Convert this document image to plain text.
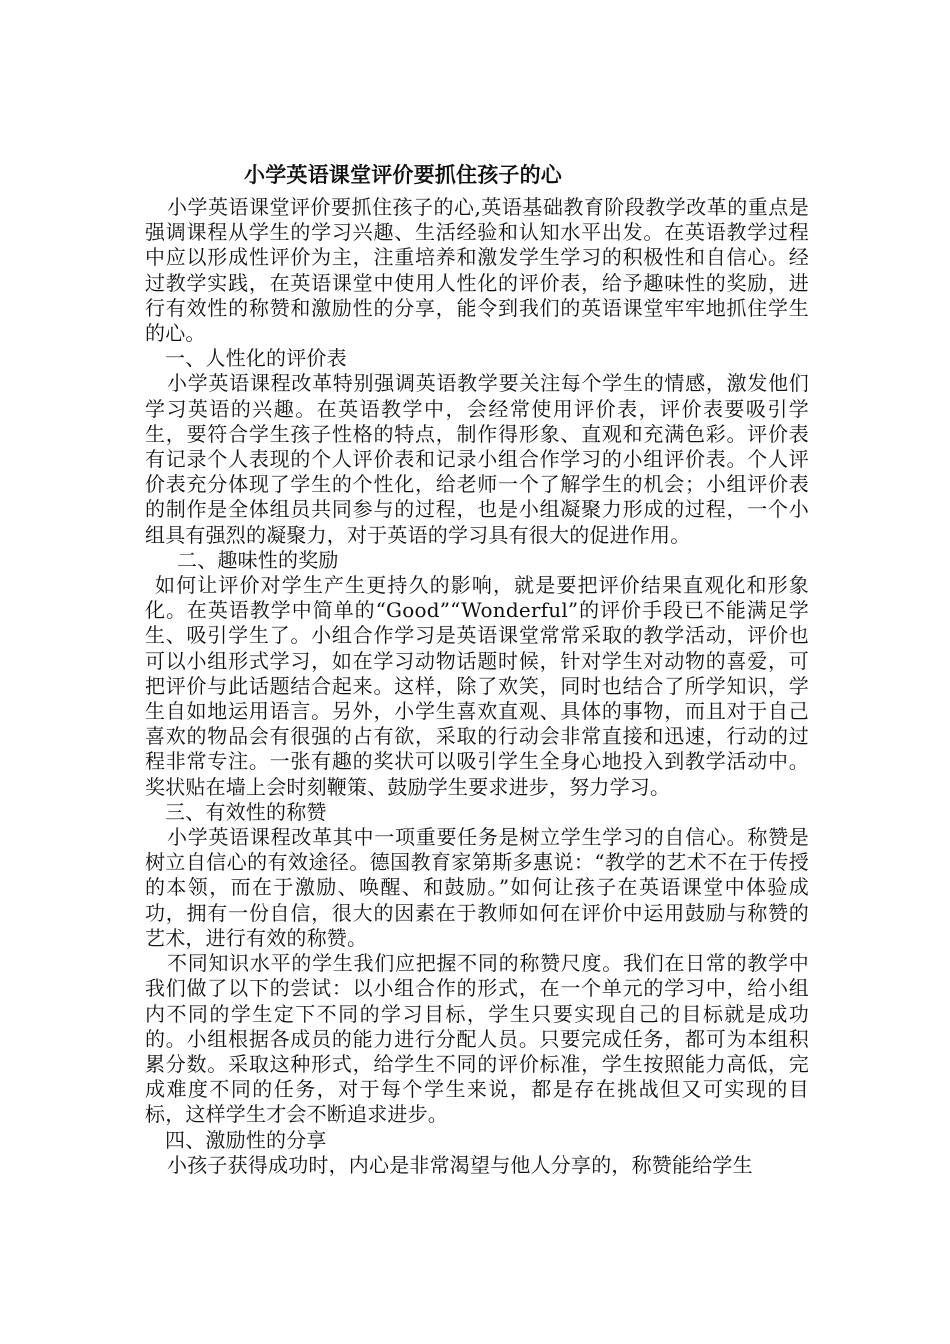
小学英语课堂评价要抓住孩子的心

小学英语课堂评价要抓住孩子的心,英语基础教育阶段教学改革的重点是强调课程从学生的学习兴趣、生活经验和认知水平出发。在英语教学过程中应以形成性评价为主，注重培养和激发学生学习的积极性和自信心。经过教学实践，在英语课堂中使用人性化的评价表，给予趣味性的奖励，进行有效性的称赞和激励性的分享，能令到我们的英语课堂牢牢地抓住学生的心。

一、人性化的评价表

小学英语课程改革特别强调英语教学要关注每个学生的情感，激发他们学习英语的兴趣。在英语教学中，会经常使用评价表，评价表要吸引学生，要符合学生孩子性格的特点，制作得形象、直观和充满色彩。评价表有记录个人表现的个人评价表和记录小组合作学习的小组评价表。个人评价表充分体现了学生的个性化，给老师一个了解学生的机会；小组评价表的制作是全体组员共同参与的过程，也是小组凝聚力形成的过程，一个小组具有强烈的凝聚力，对于英语的学习具有很大的促进作用。

二、趣味性的奖励

如何让评价对学生产生更持久的影响，就是要把评价结果直观化和形象化。在英语教学中简单的“Good”“Wonderful”的评价手段已不能满足学生、吸引学生了。小组合作学习是英语课堂常常采取的教学活动，评价也可以小组形式学习，如在学习动物话题时候，针对学生对动物的喜爱，可把评价与此话题结合起来。这样，除了欢笑，同时也结合了所学知识，学生自如地运用语言。另外，小学生喜欢直观、具体的事物，而且对于自己喜欢的物品会有很强的占有欲，采取的行动会非常直接和迅速，行动的过程非常专注。一张有趣的奖状可以吸引学生全身心地投入到教学活动中。奖状贴在墙上会时刻鞭策、鼓励学生要求进步，努力学习。

三、有效性的称赞

小学英语课程改革其中一项重要任务是树立学生学习的自信心。称赞是树立自信心的有效途径。德国教育家第斯多惠说：“教学的艺术不在于传授的本领，而在于激励、唤醒、和鼓励。”如何让孩子在英语课堂中体验成功，拥有一份自信，很大的因素在于教师如何在评价中运用鼓励与称赞的艺术，进行有效的称赞。

不同知识水平的学生我们应把握不同的称赞尺度。我们在日常的教学中我们做了以下的尝试：以小组合作的形式，在一个单元的学习中，给小组内不同的学生定下不同的学习目标，学生只要实现自己的目标就是成功的。小组根据各成员的能力进行分配人员。只要完成任务，都可为本组积累分数。采取这种形式，给学生不同的评价标准，学生按照能力高低，完成难度不同的任务，对于每个学生来说，都是存在挑战但又可实现的目标，这样学生才会不断追求进步。

四、激励性的分享

小孩子获得成功时，内心是非常渴望与他人分享的，称赞能给学生
